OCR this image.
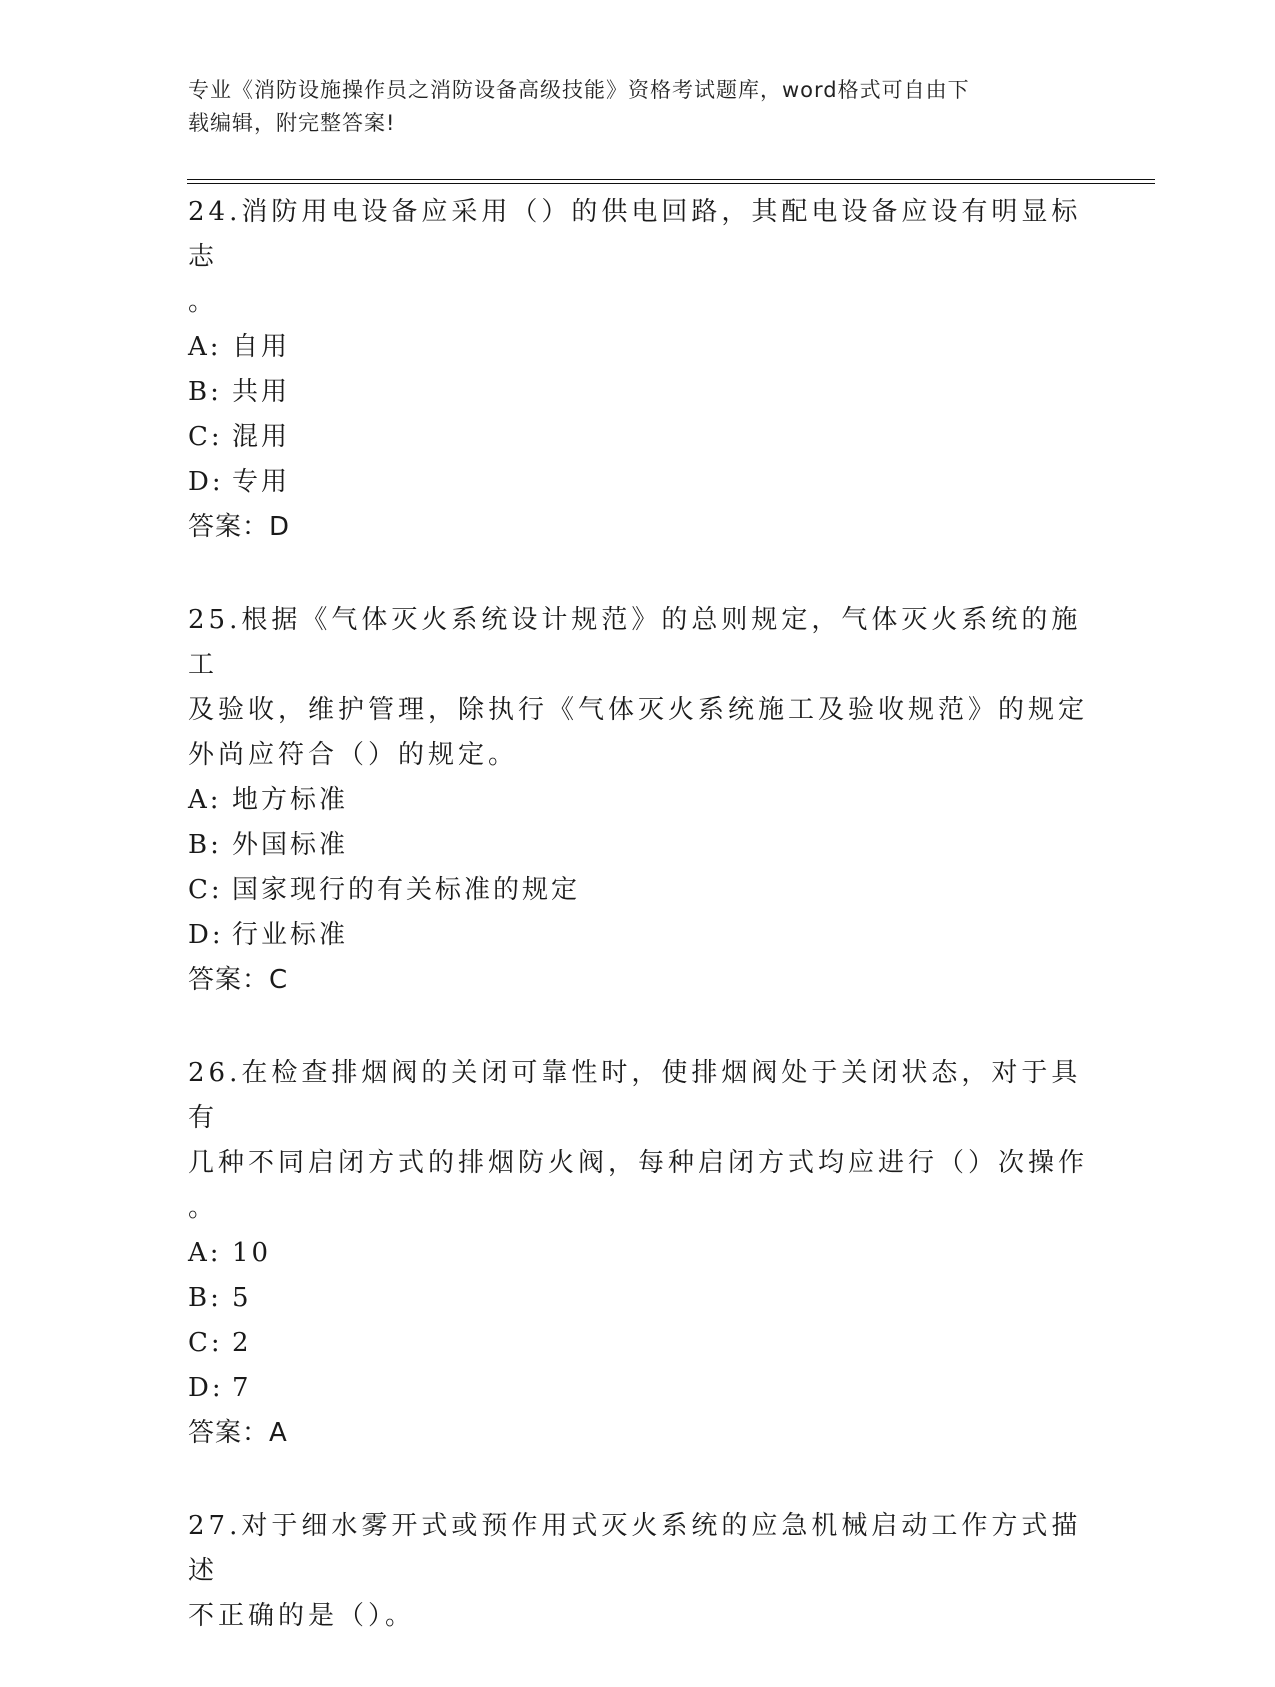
专业《消防设施操作员之消防设备高级技能》资格考试题库，word格式可自由下
载编辑，附完整答案!
24.消防用电设备应采用（）的供电回路，其配电设备应设有明显标志
。
A: 自用
B: 共用
C: 混用
D: 专用
答案：D
25.根据《气体灭火系统设计规范》的总则规定，气体灭火系统的施工
及验收，维护管理，除执行《气体灭火系统施工及验收规范》的规定
外尚应符合（）的规定。
A: 地方标准
B: 外国标准
C: 国家现行的有关标准的规定
D: 行业标准
答案：C
26.在检查排烟阀的关闭可靠性时，使排烟阀处于关闭状态，对于具有
几种不同启闭方式的排烟防火阀，每种启闭方式均应进行（）次操作
。
A: 10
B: 5
C: 2
D: 7
答案：A
27.对于细水雾开式或预作用式灭火系统的应急机械启动工作方式描述
不正确的是（）。
